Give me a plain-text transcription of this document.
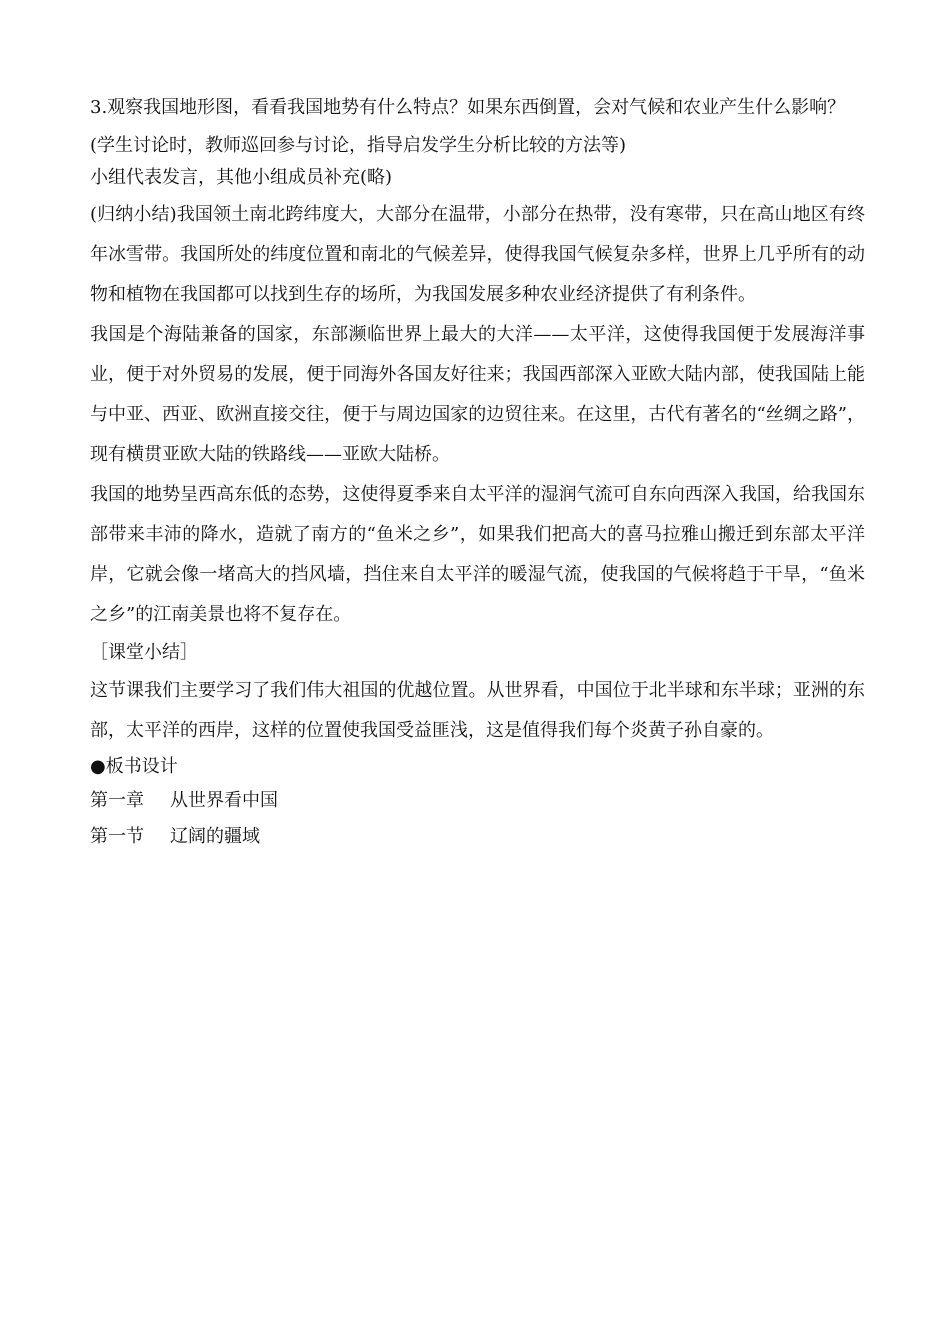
3.观察我国地形图，看看我国地势有什么特点？如果东西倒置，会对气候和农业产生什么影响？

(学生讨论时，教师巡回参与讨论，指导启发学生分析比较的方法等)

小组代表发言，其他小组成员补充(略)

(归纳小结)我国领土南北跨纬度大，大部分在温带，小部分在热带，没有寒带，只在高山地区有终年冰雪带。我国所处的纬度位置和南北的气候差异，使得我国气候复杂多样，世界上几乎所有的动物和植物在我国都可以找到生存的场所，为我国发展多种农业经济提供了有利条件。

我国是个海陆兼备的国家，东部濒临世界上最大的大洋——太平洋，这使得我国便于发展海洋事业，便于对外贸易的发展，便于同海外各国友好往来；我国西部深入亚欧大陆内部，使我国陆上能与中亚、西亚、欧洲直接交往，便于与周边国家的边贸往来。在这里，古代有著名的“丝绸之路”，现有横贯亚欧大陆的铁路线——亚欧大陆桥。

我国的地势呈西高东低的态势，这使得夏季来自太平洋的湿润气流可自东向西深入我国，给我国东部带来丰沛的降水，造就了南方的“鱼米之乡”，如果我们把高大的喜马拉雅山搬迁到东部太平洋岸，它就会像一堵高大的挡风墙，挡住来自太平洋的暖湿气流，使我国的气候将趋于干旱，“鱼米之乡”的江南美景也将不复存在。

［课堂小结］

这节课我们主要学习了我们伟大祖国的优越位置。从世界看，中国位于北半球和东半球；亚洲的东部，太平洋的西岸，这样的位置使我国受益匪浅，这是值得我们每个炎黄子孙自豪的。

●板书设计

第一章 从世界看中国

第一节 辽阔的疆域
